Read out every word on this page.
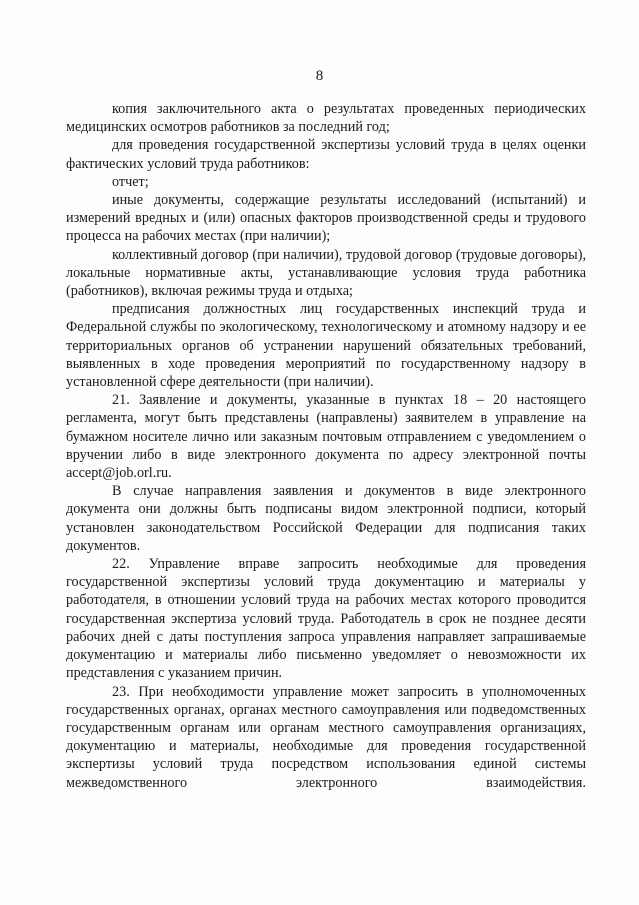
8

копия заключительного акта о результатах проведенных периодических медицинских осмотров работников за последний год;

для проведения государственной экспертизы условий труда в целях оценки фактических условий труда работников:

отчет;

иные документы, содержащие результаты исследований (испытаний) и измерений вредных и (или) опасных факторов производственной среды и трудового процесса на рабочих местах (при наличии);

коллективный договор (при наличии), трудовой договор (трудовые договоры), локальные нормативные акты, устанавливающие условия труда работника (работников), включая режимы труда и отдыха;

предписания должностных лиц государственных инспекций труда и Федеральной службы по экологическому, технологическому и атомному надзору и ее территориальных органов об устранении нарушений обязательных требований, выявленных в ходе проведения мероприятий по государственному надзору в установленной сфере деятельности (при наличии).

21. Заявление и документы, указанные в пунктах 18 – 20 настоящего регламента, могут быть представлены (направлены) заявителем в управление на бумажном носителе лично или заказным почтовым отправлением с уведомлением о вручении либо в виде электронного документа по адресу электронной почты accept@job.orl.ru.

В случае направления заявления и документов в виде электронного документа они должны быть подписаны видом электронной подписи, который установлен законодательством Российской Федерации для подписания таких документов.

22. Управление вправе запросить необходимые для проведения государственной экспертизы условий труда документацию и материалы у работодателя, в отношении условий труда на рабочих местах которого проводится государственная экспертиза условий труда. Работодатель в срок не позднее десяти рабочих дней с даты поступления запроса управления направляет запрашиваемые документацию и материалы либо письменно уведомляет о невозможности их представления с указанием причин.

23. При необходимости управление может запросить в уполномоченных государственных органах, органах местного самоуправления или подведомственных государственным органам или органам местного самоуправления организациях, документацию и материалы, необходимые для проведения государственной экспертизы условий труда посредством использования единой системы межведомственного электронного взаимодействия.
